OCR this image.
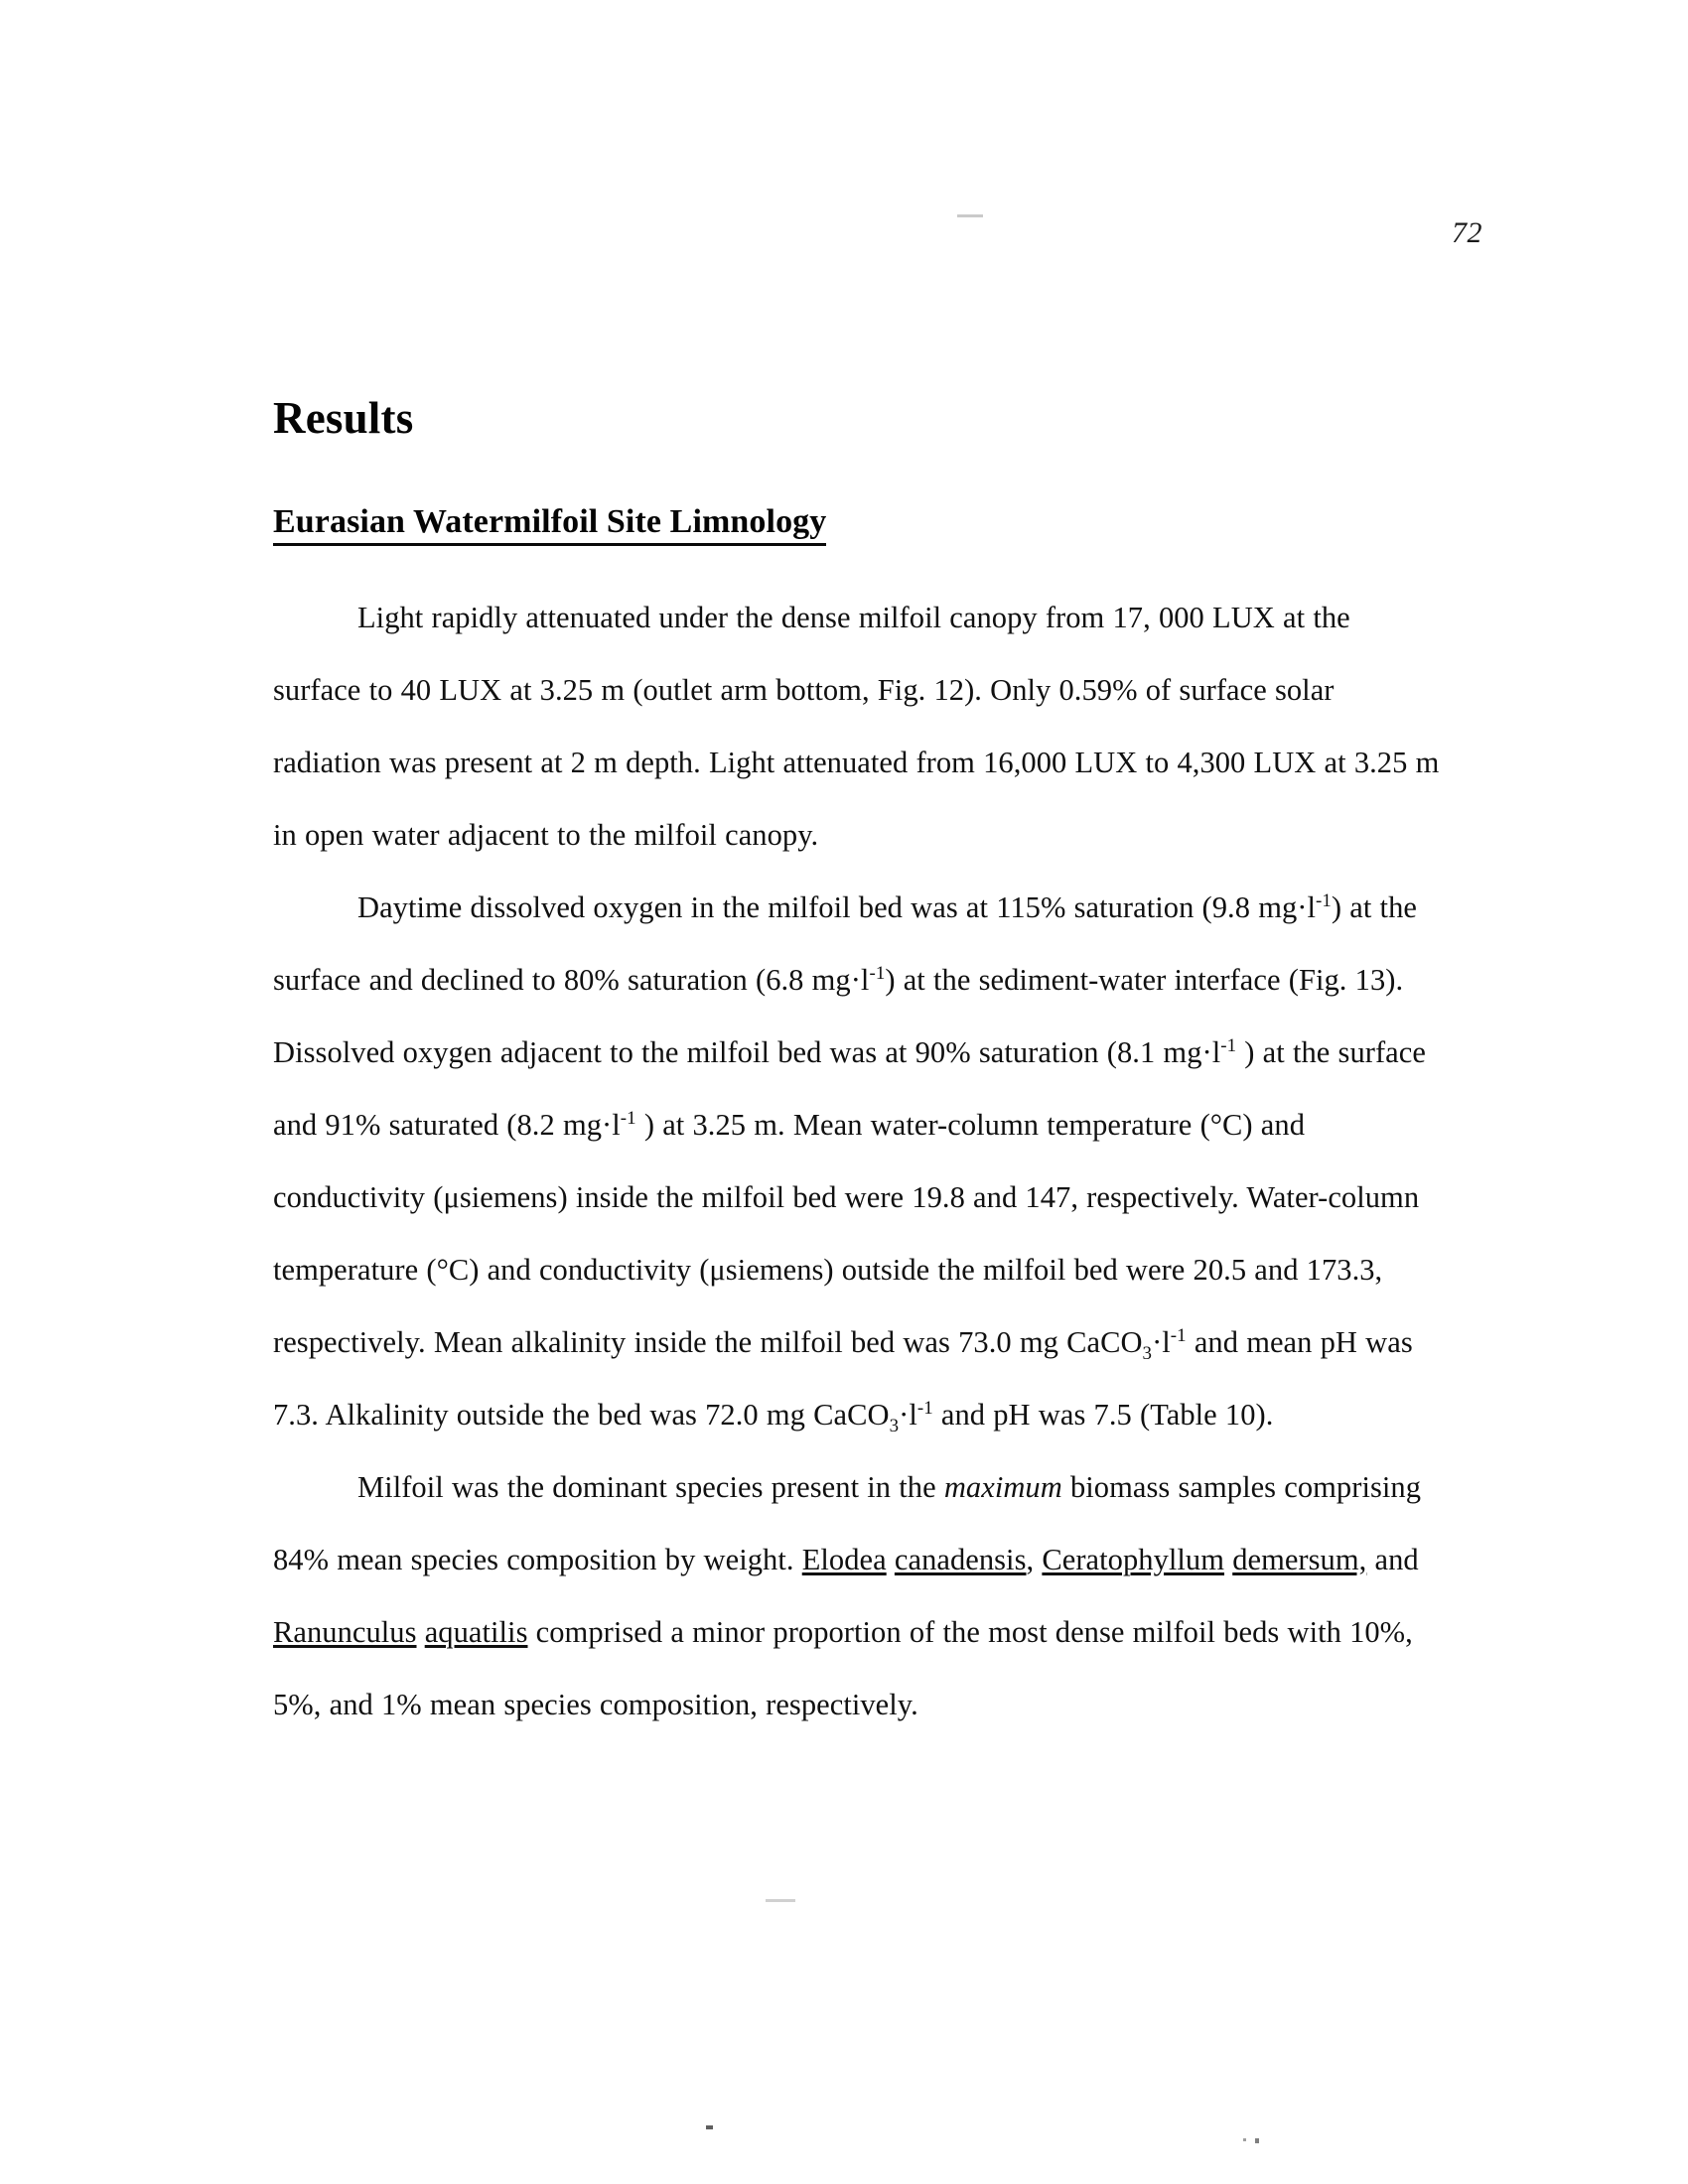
72
Results
Eurasian Watermilfoil Site Limnology

Light rapidly attenuated under the dense milfoil canopy from 17, 000 LUX at the surface to 40 LUX at 3.25 m (outlet arm bottom, Fig. 12). Only 0.59% of surface solar radiation was present at 2 m depth. Light attenuated from 16,000 LUX to 4,300 LUX at 3.25 m in open water adjacent to the milfoil canopy.

Daytime dissolved oxygen in the milfoil bed was at 115% saturation (9.8 $mg\cdot l^{-1}$) at the surface and declined to 80% saturation (6.8 $mg\cdot l^{-1}$) at the sediment-water interface (Fig. 13). Dissolved oxygen adjacent to the milfoil bed was at 90% saturation (8.1 $mg\cdot l^{-1}$ ) at the surface and 91% saturated (8.2 $mg\cdot l^{-1}$ ) at 3.25 m. Mean water-column temperature (°C) and conductivity (μsiemens) inside the milfoil bed were 19.8 and 147, respectively. Water-column temperature (°C) and conductivity (μsiemens) outside the milfoil bed were 20.5 and 173.3, respectively. Mean alkalinity inside the milfoil bed was 73.0 mg $CaCO_3\cdot l^{-1}$ and mean pH was 7.3. Alkalinity outside the bed was 72.0 mg $CaCO_3\cdot l^{-1}$ and pH was 7.5 (Table 10).

Milfoil was the dominant species present in the maximum biomass samples comprising 84% mean species composition by weight. Elodea canadensis, Ceratophyllum demersum, and Ranunculus aquatilis comprised a minor proportion of the most dense milfoil beds with 10%, 5%, and 1% mean species composition, respectively.
